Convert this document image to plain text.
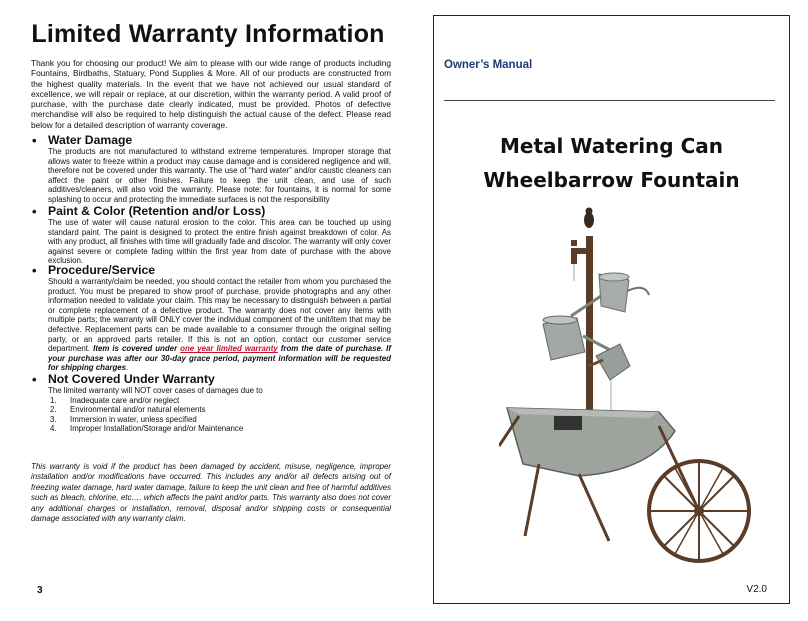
Limited Warranty Information
Thank you for choosing our product! We aim to please with our wide range of products including Fountains, Birdbaths, Statuary, Pond Supplies & More. All of our products are constructed from the highest quality materials. In the event that we have not achieved our usual standard of excellence, we will repair or replace, at our discretion, within the warranty period. A valid proof of purchase, with the purchase date clearly indicated, must be provided. Photos of defective merchandise will also be required to help distinguish the actual cause of the defect. Please read below for a detailed description of warranty coverage.
• Water Damage
The products are not manufactured to withstand extreme temperatures. Improper storage that allows water to freeze within a product may cause damage and is considered negligence and will, therefore not be covered under this warranty. The use of “hard water” and/or caustic cleaners can affect the paint or other finishes. Failure to keep the unit clean, and use of such additives/cleaners, will also void the warranty. Please note: for fountains, it is normal for some splashing to occur and protecting the immediate surfaces is not the responsibility
• Paint & Color (Retention and/or Loss)
The use of water will cause natural erosion to the color. This area can be touched up using standard paint. The paint is designed to protect the entire finish against breakdown of color. As with any product, all finishes with time will gradually fade and discolor. The warranty will only cover against severe or complete fading within the first year from date of purchase with the above exclusion.
• Procedure/Service
Should a warranty/claim be needed, you should contact the retailer from whom you purchased the product. You must be prepared to show proof of purchase, provide photographs and any other information needed to validate your claim. This may be necessary to distinguish between a partial or complete replacement of a defective product. The warranty does not cover any items with multiple parts; the warranty will ONLY cover the individual component of the unit/item that may be defective. Replacement parts can be made available to a consumer through the original selling party, or an approved parts retailer. If this is not an option, contact our customer service department. Item is covered under one year limited warranty from the date of purchase. If your purchase was after our 30-day grace period, payment information will be requested for shipping charges.
• Not Covered Under Warranty
The limited warranty will NOT cover cases of damages due to
1.	Inadequate care and/or neglect
2.	Environmental and/or natural elements
3.	Immersion in water, unless specified
4.	Improper Installation/Storage and/or Maintenance
This warranty is void if the product has been damaged by accident, misuse, negligence, improper installation and/or modifications have occurred. This includes any and/or all defects arising out of freezing water damage, hard water damage, failure to keep the unit clean and free of harmful additives such as bleach, chlorine, etc…. which affects the paint and/or parts. This warranty also does not cover any additional charges or installation, removal, disposal and/or shipping costs or consequential damage associated with any warranty claim.
3
Owner’s Manual
Metal Watering Can
Wheelbarrow Fountain
V2.0
